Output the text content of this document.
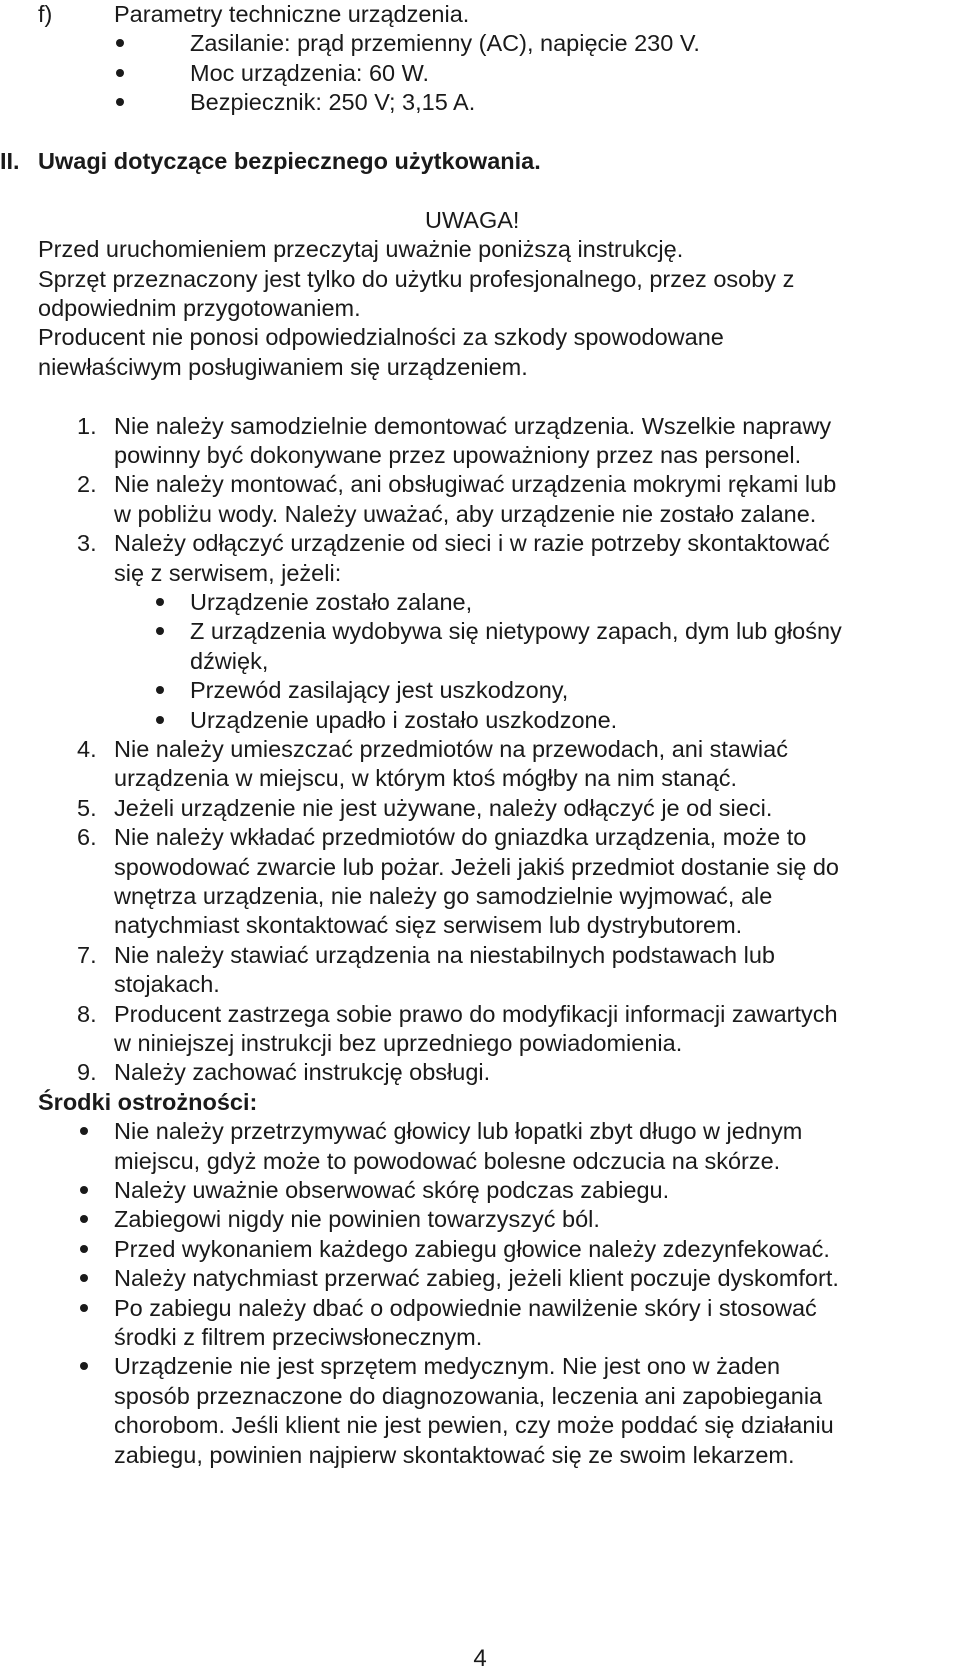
f)	Parametry techniczne urządzenia.
Zasilanie: prąd przemienny (AC), napięcie 230 V.
Moc urządzenia: 60 W.
Bezpiecznik: 250 V; 3,15 A.
II. Uwagi dotyczące bezpiecznego użytkowania.
UWAGA!
Przed uruchomieniem przeczytaj uważnie poniższą instrukcję.
Sprzęt przeznaczony jest tylko do użytku profesjonalnego, przez osoby z
odpowiednim przygotowaniem.
Producent nie ponosi odpowiedzialności za szkody spowodowane
niewłaściwym posługiwaniem się urządzeniem.
1. Nie należy samodzielnie demontować urządzenia. Wszelkie naprawy
powinny być dokonywane przez upoważniony przez nas personel.
2. Nie należy montować, ani obsługiwać urządzenia mokrymi rękami lub
w pobliżu wody. Należy uważać, aby urządzenie nie zostało zalane.
3. Należy odłączyć urządzenie od sieci i w razie potrzeby skontaktować
się z serwisem, jeżeli:
Urządzenie zostało zalane,
Z urządzenia wydobywa się nietypowy zapach, dym lub głośny
dźwięk,
Przewód zasilający jest uszkodzony,
Urządzenie upadło i zostało uszkodzone.
4. Nie należy umieszczać przedmiotów na przewodach, ani stawiać
urządzenia w miejscu, w którym ktoś mógłby na nim stanąć.
5. Jeżeli urządzenie nie jest używane, należy odłączyć je od sieci.
6. Nie należy wkładać przedmiotów do gniazdka urządzenia, może to
spowodować zwarcie lub pożar. Jeżeli jakiś przedmiot dostanie się do
wnętrza urządzenia, nie należy go samodzielnie wyjmować, ale
natychmiast skontaktować sięz serwisem lub dystrybutorem.
7. Nie należy stawiać urządzenia na niestabilnych podstawach lub
stojakach.
8. Producent zastrzega sobie prawo do modyfikacji informacji zawartych
w niniejszej instrukcji bez uprzedniego powiadomienia.
9. Należy zachować instrukcję obsługi.
Środki ostrożności:
Nie należy przetrzymywać głowicy lub łopatki zbyt długo w jednym
miejscu, gdyż może to powodować bolesne odczucia na skórze.
Należy uważnie obserwować skórę podczas zabiegu.
Zabiegowi nigdy nie powinien towarzyszyć ból.
Przed wykonaniem każdego zabiegu głowice należy zdezynfekować.
Należy natychmiast przerwać zabieg, jeżeli klient poczuje dyskomfort.
Po zabiegu należy dbać o odpowiednie nawilżenie skóry i stosować
środki z filtrem przeciwsłonecznym.
Urządzenie nie jest sprzętem medycznym. Nie jest ono w żaden
sposób przeznaczone do diagnozowania, leczenia ani zapobiegania
chorobom. Jeśli klient nie jest pewien, czy może poddać się działaniu
zabiegu, powinien najpierw skontaktować się ze swoim lekarzem.
4
